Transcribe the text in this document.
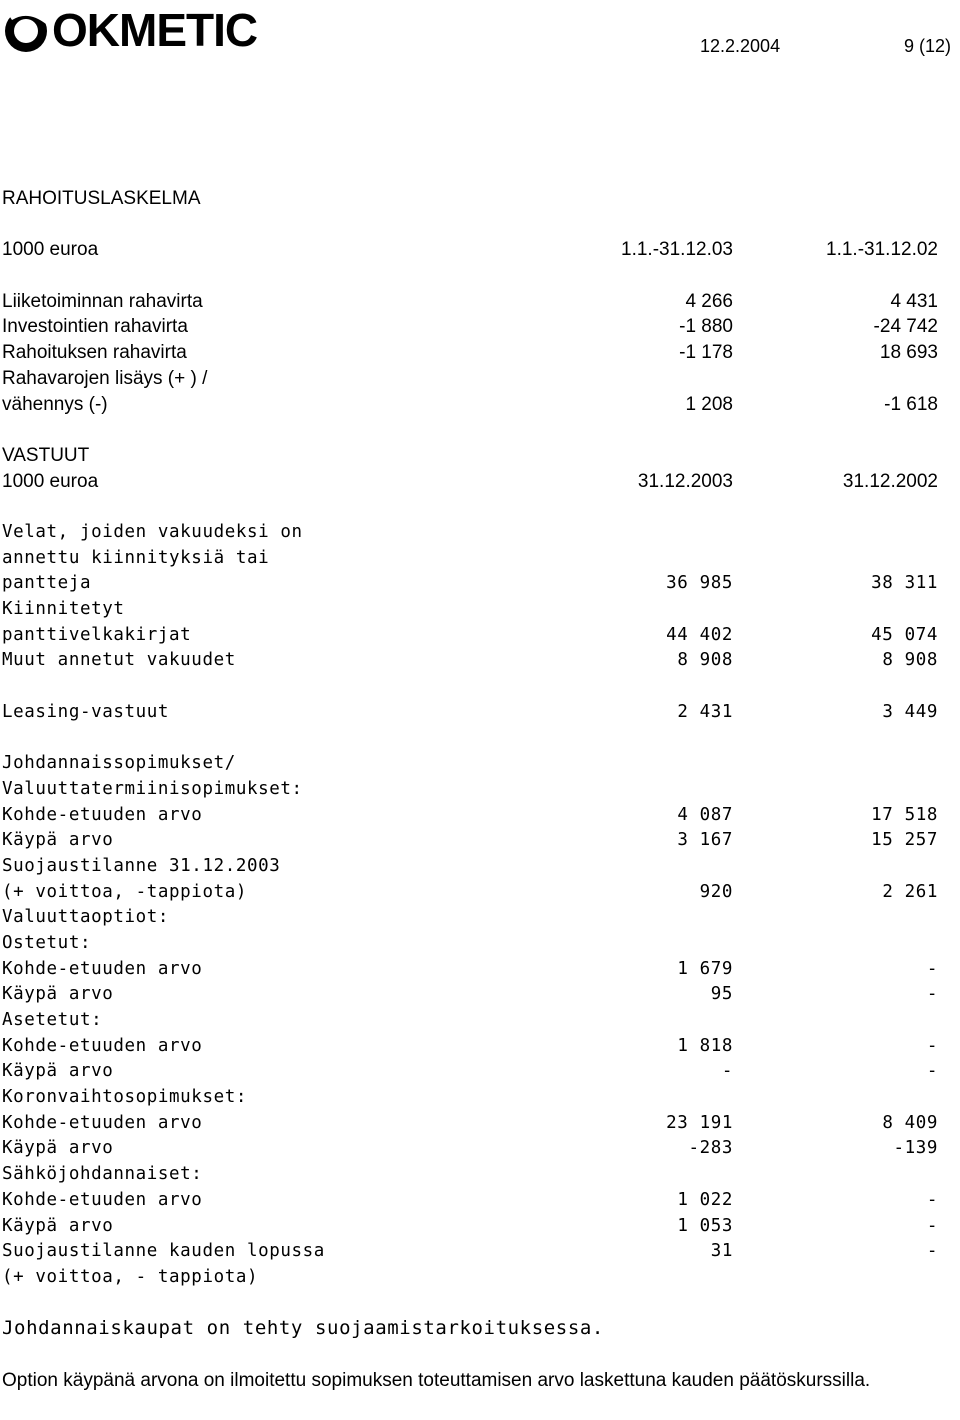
OKMETIC	12.2.2004	9 (12)
RAHOITUSLASKELMA
1000 euroa	1.1.-31.12.03	1.1.-31.12.02
Liiketoiminnan rahavirta	4 266	4 431
Investointien rahavirta	-1 880	-24 742
Rahoituksen rahavirta	-1 178	18 693
Rahavarojen lisäys (+ ) /
vähennys (-)	1 208	-1 618
VASTUUT
1000 euroa	31.12.2003	31.12.2002
Velat, joiden vakuudeksi on
annettu kiinnityksiä tai
pantteja	36 985	38 311
Kiinnitetyt
panttivelkakirjat	44 402	45 074
Muut annetut vakuudet	8 908	8 908
Leasing-vastuut	2 431	3 449
Johdannaissopimukset/
Valuuttatermiinisopimukset:
Kohde-etuuden arvo	4 087	17 518
Käypä arvo	3 167	15 257
Suojaustilanne 31.12.2003
(+ voittoa, -tappiota)	920	2 261
Valuuttaoptiot:
Ostetut:
Kohde-etuuden arvo	1 679	-
Käypä arvo	95	-
Asetetut:
Kohde-etuuden arvo	1 818	-
Käypä arvo	-	-
Koronvaihtosopimukset:
Kohde-etuuden arvo	23 191	8 409
Käypä arvo	-283	-139
Sähköjohdannaiset:
Kohde-etuuden arvo	1 022	-
Käypä arvo	1 053	-
Suojaustilanne kauden lopussa	31	-
(+ voittoa, - tappiota)
Johdannaiskaupat on tehty suojaamistarkoituksessa.
Option käypänä arvona on ilmoitettu sopimuksen toteuttamisen arvo laskettuna kauden päätöskurssilla.
